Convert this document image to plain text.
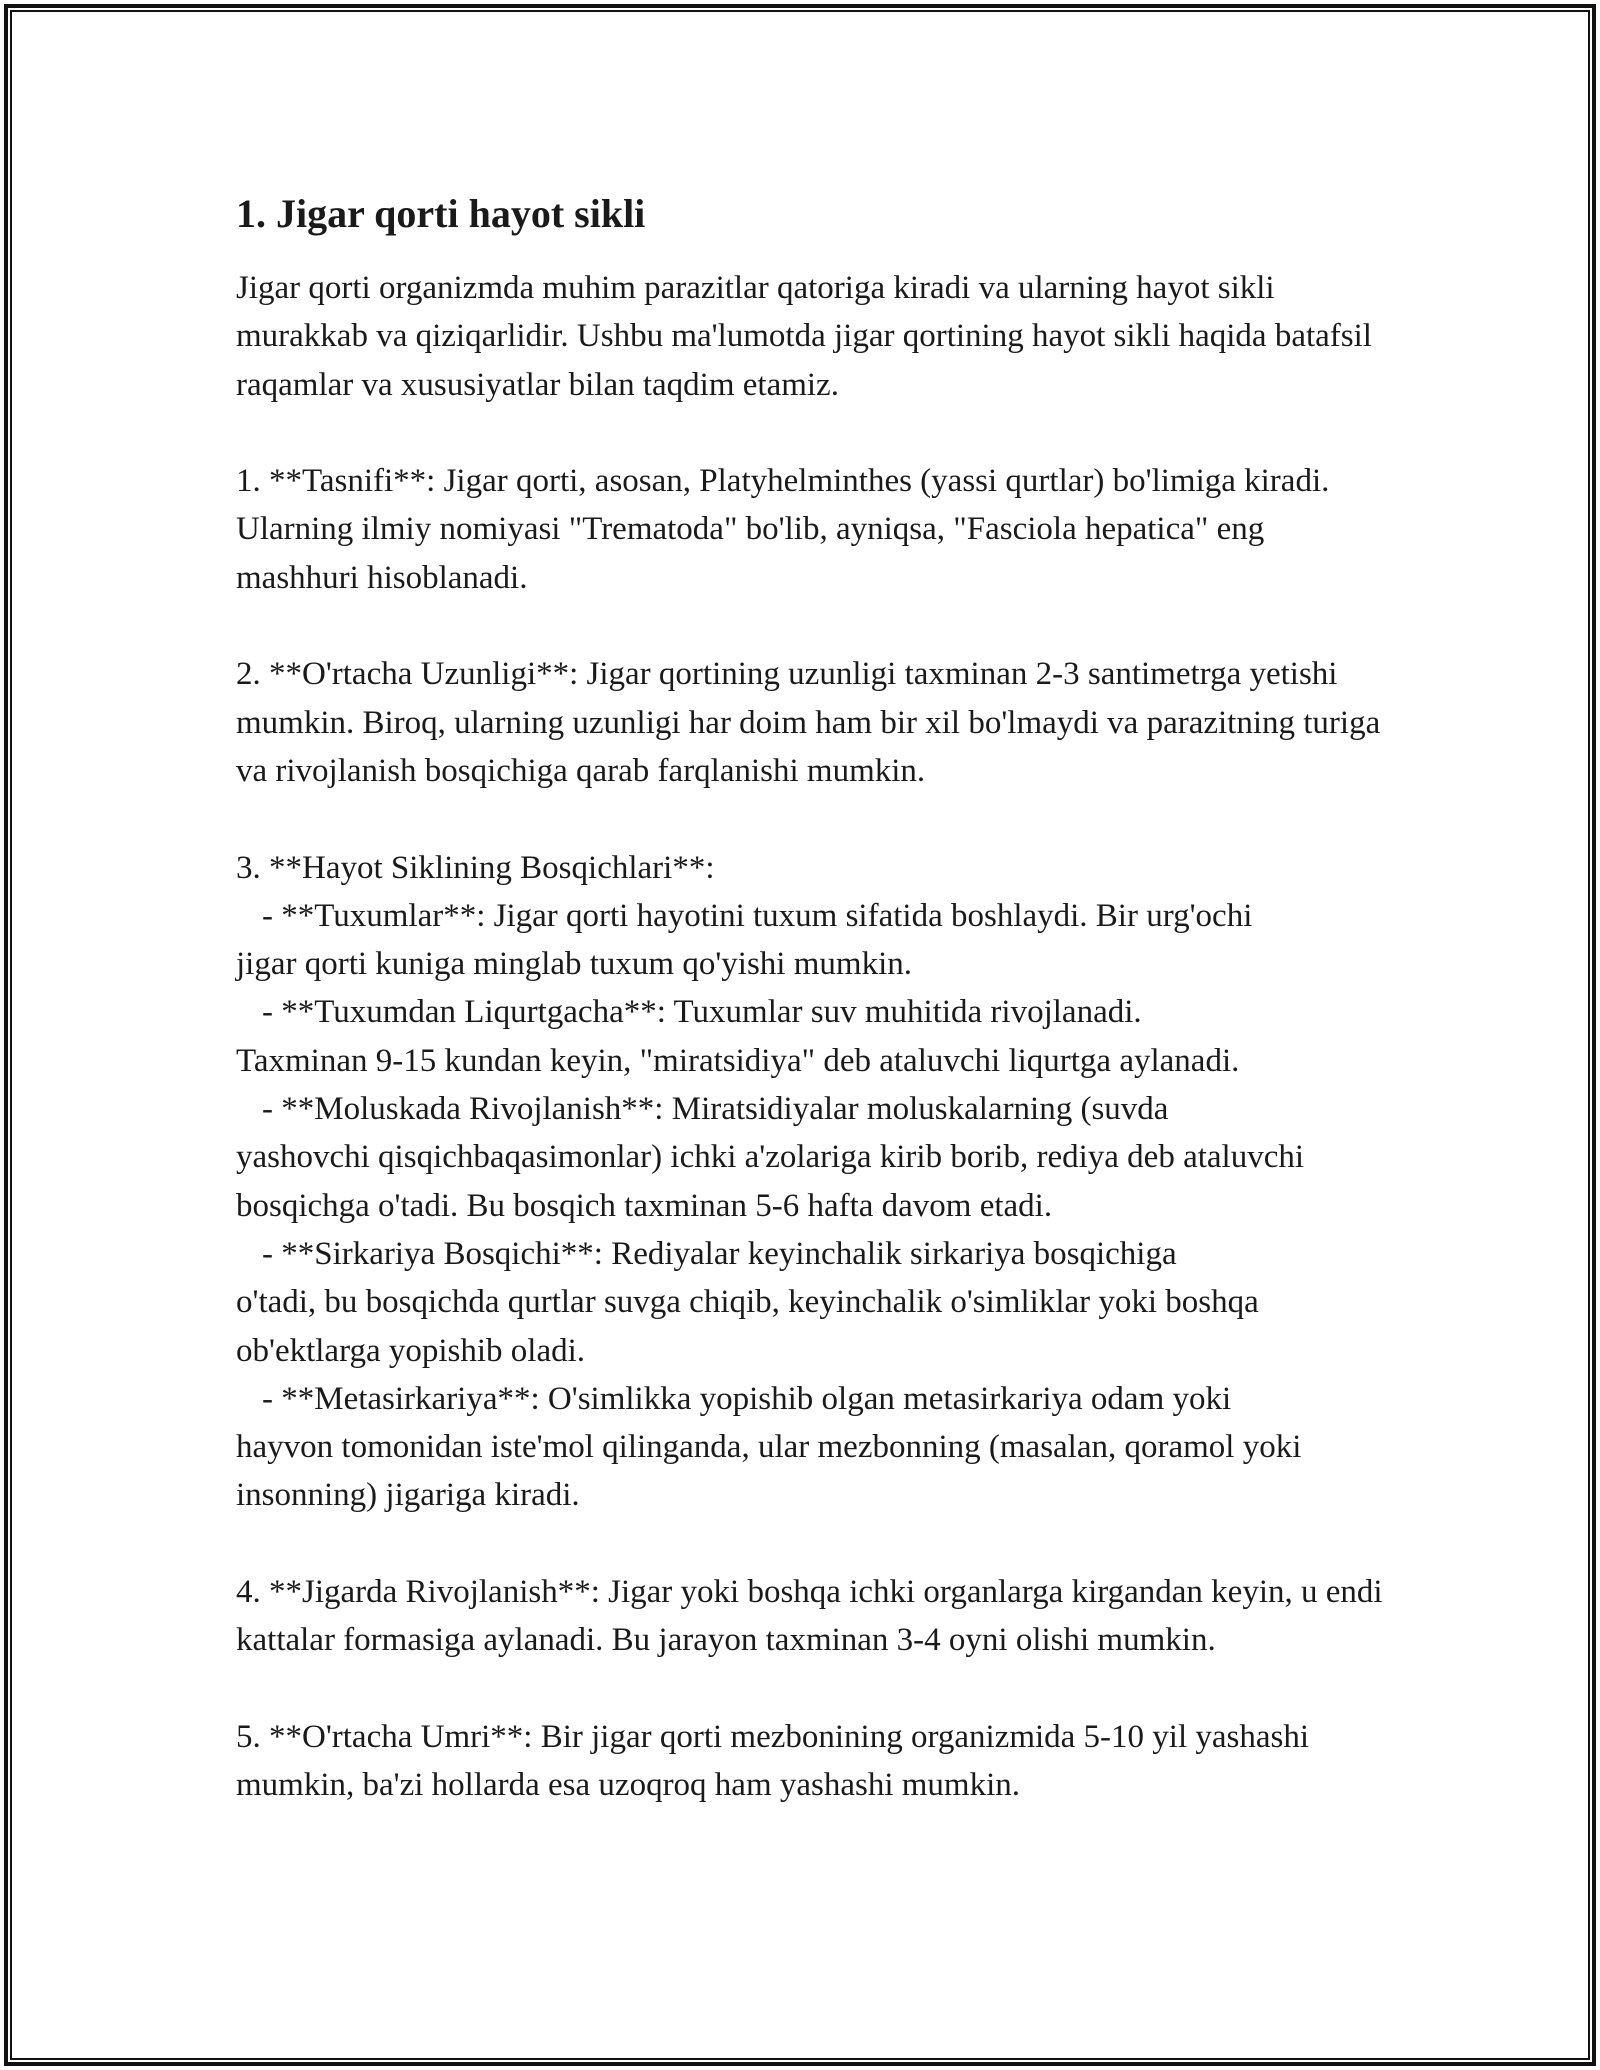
1. Jigar qorti hayot sikli

Jigar qorti organizmda muhim parazitlar qatoriga kiradi va ularning hayot sikli murakkab va qiziqarlidir. Ushbu ma'lumotda jigar qortining hayot sikli haqida batafsil raqamlar va xususiyatlar bilan taqdim etamiz.

1. **Tasnifi**: Jigar qorti, asosan, Platyhelminthes (yassi qurtlar) bo'limiga kiradi. Ularning ilmiy nomiyasi "Trematoda" bo'lib, ayniqsa, "Fasciola hepatica" eng mashhuri hisoblanadi.

2. **O'rtacha Uzunligi**: Jigar qortining uzunligi taxminan 2-3 santimetrga yetishi mumkin. Biroq, ularning uzunligi har doim ham bir xil bo'lmaydi va parazitning turiga va rivojlanish bosqichiga qarab farqlanishi mumkin.

3. **Hayot Siklining Bosqichlari**:

- **Tuxumlar**: Jigar qorti hayotini tuxum sifatida boshlaydi. Bir urg'ochi

jigar qorti kuniga minglab tuxum qo'yishi mumkin.

- **Tuxumdan Liqurtgacha**: Tuxumlar suv muhitida rivojlanadi.

Taxminan 9-15 kundan keyin, "miratsidiya" deb ataluvchi liqurtga aylanadi.

- **Moluskada Rivojlanish**: Miratsidiyalar moluskalarning (suvda

yashovchi qisqichbaqasimonlar) ichki a'zolariga kirib borib, rediya deb ataluvchi bosqichga o'tadi. Bu bosqich taxminan 5-6 hafta davom etadi.

- **Sirkariya Bosqichi**: Rediyalar keyinchalik sirkariya bosqichiga

o'tadi, bu bosqichda qurtlar suvga chiqib, keyinchalik o'simliklar yoki boshqa ob'ektlarga yopishib oladi.

- **Metasirkariya**: O'simlikka yopishib olgan metasirkariya odam yoki

hayvon tomonidan iste'mol qilinganda, ular mezbonning (masalan, qoramol yoki insonning) jigariga kiradi.

4. **Jigarda Rivojlanish**: Jigar yoki boshqa ichki organlarga kirgandan keyin, u endi kattalar formasiga aylanadi. Bu jarayon taxminan 3-4 oyni olishi mumkin.

5. **O'rtacha Umri**: Bir jigar qorti mezbonining organizmida 5-10 yil yashashi mumkin, ba'zi hollarda esa uzoqroq ham yashashi mumkin.
